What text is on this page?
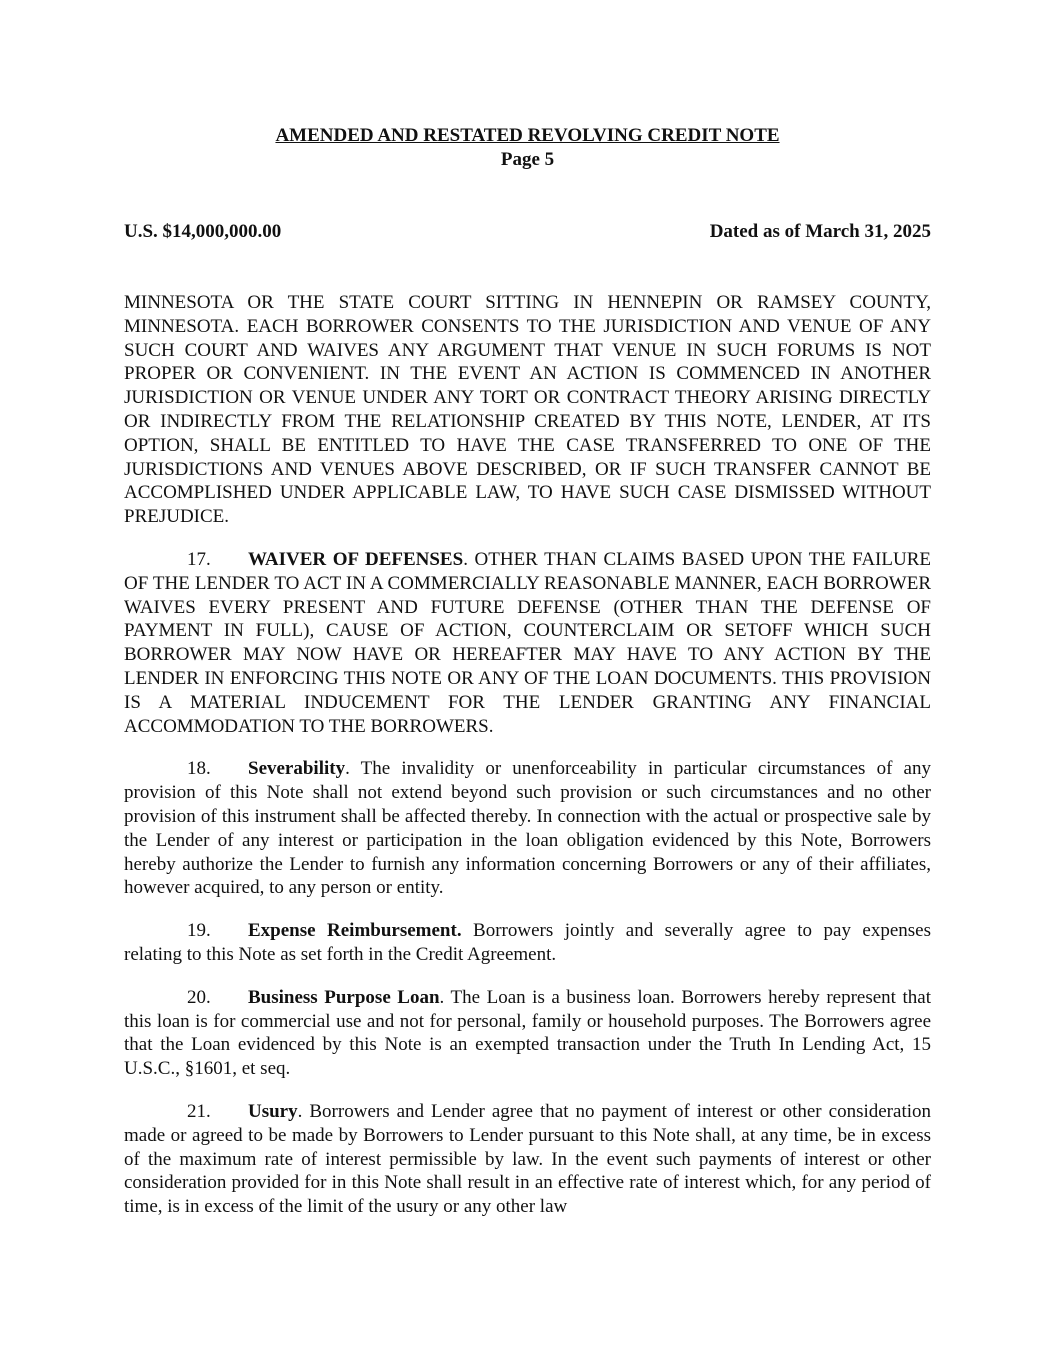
AMENDED AND RESTATED REVOLVING CREDIT NOTE
Page 5
U.S. $14,000,000.00	Dated as of March 31, 2025

MINNESOTA OR THE STATE COURT SITTING IN HENNEPIN OR RAMSEY COUNTY, MINNESOTA. EACH BORROWER CONSENTS TO THE JURISDICTION AND VENUE OF ANY SUCH COURT AND WAIVES ANY ARGUMENT THAT VENUE IN SUCH FORUMS IS NOT PROPER OR CONVENIENT. IN THE EVENT AN ACTION IS COMMENCED IN ANOTHER JURISDICTION OR VENUE UNDER ANY TORT OR CONTRACT THEORY ARISING DIRECTLY OR INDIRECTLY FROM THE RELATIONSHIP CREATED BY THIS NOTE, LENDER, AT ITS OPTION, SHALL BE ENTITLED TO HAVE THE CASE TRANSFERRED TO ONE OF THE JURISDICTIONS AND VENUES ABOVE DESCRIBED, OR IF SUCH TRANSFER CANNOT BE ACCOMPLISHED UNDER APPLICABLE LAW, TO HAVE SUCH CASE DISMISSED WITHOUT PREJUDICE.

17. WAIVER OF DEFENSES. OTHER THAN CLAIMS BASED UPON THE FAILURE OF THE LENDER TO ACT IN A COMMERCIALLY REASONABLE MANNER, EACH BORROWER WAIVES EVERY PRESENT AND FUTURE DEFENSE (OTHER THAN THE DEFENSE OF PAYMENT IN FULL), CAUSE OF ACTION, COUNTERCLAIM OR SETOFF WHICH SUCH BORROWER MAY NOW HAVE OR HEREAFTER MAY HAVE TO ANY ACTION BY THE LENDER IN ENFORCING THIS NOTE OR ANY OF THE LOAN DOCUMENTS. THIS PROVISION IS A MATERIAL INDUCEMENT FOR THE LENDER GRANTING ANY FINANCIAL ACCOMMODATION TO THE BORROWERS.

18. Severability. The invalidity or unenforceability in particular circumstances of any provision of this Note shall not extend beyond such provision or such circumstances and no other provision of this instrument shall be affected thereby. In connection with the actual or prospective sale by the Lender of any interest or participation in the loan obligation evidenced by this Note, Borrowers hereby authorize the Lender to furnish any information concerning Borrowers or any of their affiliates, however acquired, to any person or entity.

19. Expense Reimbursement. Borrowers jointly and severally agree to pay expenses relating to this Note as set forth in the Credit Agreement.

20. Business Purpose Loan. The Loan is a business loan. Borrowers hereby represent that this loan is for commercial use and not for personal, family or household purposes. The Borrowers agree that the Loan evidenced by this Note is an exempted transaction under the Truth In Lending Act, 15 U.S.C., §1601, et seq.

21. Usury. Borrowers and Lender agree that no payment of interest or other consideration made or agreed to be made by Borrowers to Lender pursuant to this Note shall, at any time, be in excess of the maximum rate of interest permissible by law. In the event such payments of interest or other consideration provided for in this Note shall result in an effective rate of interest which, for any period of time, is in excess of the limit of the usury or any other law
